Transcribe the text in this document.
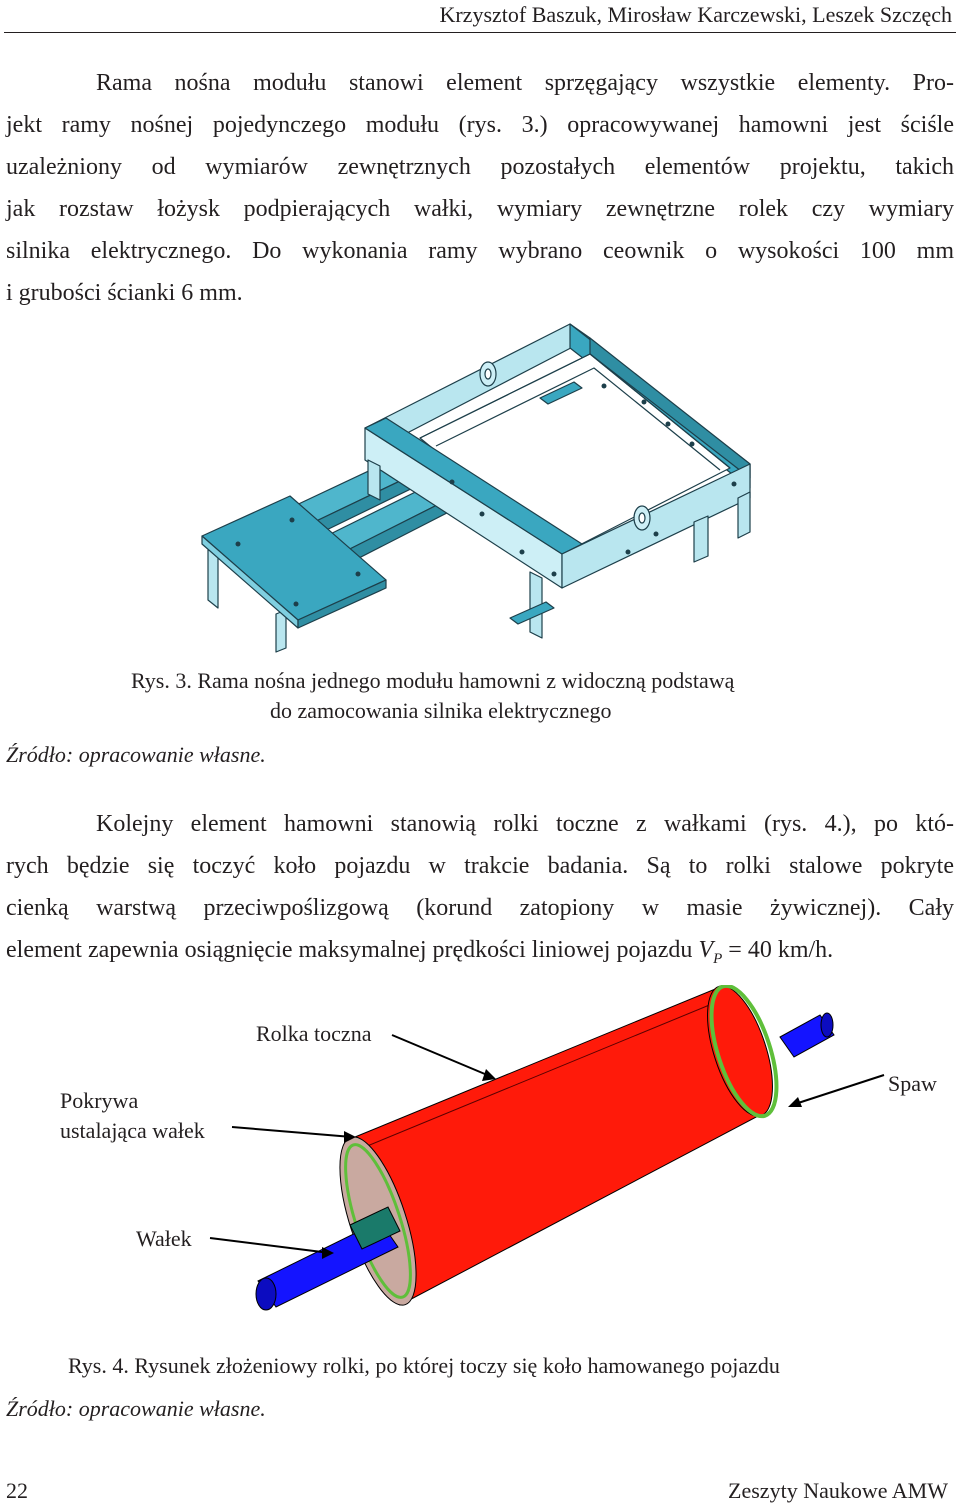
Krzysztof Baszuk, Mirosław Karczewski, Leszek Szczęch
Rama nośna modułu stanowi element sprzęgający wszystkie elementy. Pro-
jekt ramy nośnej pojedynczego modułu (rys. 3.) opracowywanej hamowni jest ściśle
uzależniony od wymiarów zewnętrznych pozostałych elementów projektu, takich
jak rozstaw łożysk podpierających wałki, wymiary zewnętrzne rolek czy wymiary
silnika elektrycznego. Do wykonania ramy wybrano ceownik o wysokości 100 mm
i grubości ścianki 6 mm.
Rys. 3. Rama nośna jednego modułu hamowni z widoczną podstawą
do zamocowania silnika elektrycznego
Źródło: opracowanie własne.
Kolejny element hamowni stanowią rolki toczne z wałkami (rys. 4.), po któ-
rych będzie się toczyć koło pojazdu w trakcie badania. Są to rolki stalowe pokryte
cienką warstwą przeciwpoślizgową (korund zatopiony w masie żywicznej). Cały
element zapewnia osiągnięcie maksymalnej prędkości liniowej pojazdu $V_P = 40$ km/h.
Rolka toczna
Spaw
Pokrywa
ustalająca wałek
Wałek
Rys. 4. Rysunek złożeniowy rolki, po której toczy się koło hamowanego pojazdu
Źródło: opracowanie własne.
22	Zeszyty Naukowe AMW
